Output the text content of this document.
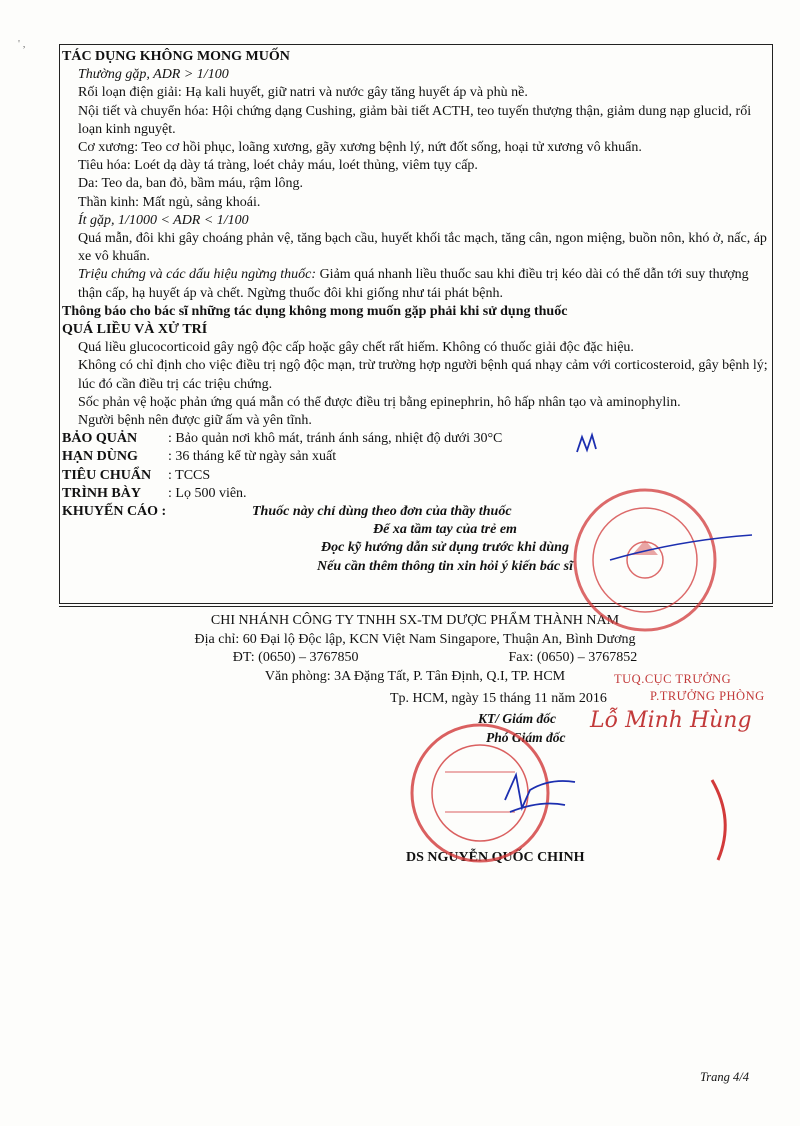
' ,

TÁC DỤNG KHÔNG MONG MUỐN

Thường gặp, ADR > 1/100

Rối loạn điện giải: Hạ kali huyết, giữ natri và nước gây tăng huyết áp và phù nề.

Nội tiết và chuyển hóa: Hội chứng dạng Cushing, giảm bài tiết ACTH, teo tuyến thượng thận, giảm dung nạp glucid, rối loạn kinh nguyệt.

Cơ xương: Teo cơ hồi phục, loãng xương, gãy xương bệnh lý, nứt đốt sống, hoại tử xương vô khuẩn.

Tiêu hóa: Loét dạ dày tá tràng, loét chảy máu, loét thủng, viêm tụy cấp.

Da: Teo da, ban đỏ, bầm máu, rậm lông.

Thần kinh: Mất ngủ, sảng khoái.

Ít gặp, 1/1000 < ADR < 1/100

Quá mẫn, đôi khi gây choáng phản vệ, tăng bạch cầu, huyết khối tắc mạch, tăng cân, ngon miệng, buồn nôn, khó ở, nấc, áp xe vô khuẩn.

Triệu chứng và các dấu hiệu ngừng thuốc: Giảm quá nhanh liều thuốc sau khi điều trị kéo dài có thể dẫn tới suy thượng thận cấp, hạ huyết áp và chết. Ngừng thuốc đôi khi giống như tái phát bệnh.

Thông báo cho bác sĩ những tác dụng không mong muốn gặp phải khi sử dụng thuốc

QUÁ LIỀU VÀ XỬ TRÍ

Quá liều glucocorticoid gây ngộ độc cấp hoặc gây chết rất hiếm. Không có thuốc giải độc đặc hiệu.

Không có chỉ định cho việc điều trị ngộ độc mạn, trừ trường hợp người bệnh quá nhạy cảm với corticosteroid, gây bệnh lý; lúc đó cần điều trị các triệu chứng.

Sốc phản vệ hoặc phản ứng quá mẫn có thể được điều trị bằng epinephrin, hô hấp nhân tạo và aminophylin.

Người bệnh nên được giữ ấm và yên tĩnh.

BẢO QUẢN	: Bảo quản nơi khô mát, tránh ánh sáng, nhiệt độ dưới 30°C
HẠN DÙNG	: 36 tháng kể từ ngày sản xuất
TIÊU CHUẨN	: TCCS
TRÌNH BÀY	: Lọ 500 viên.
KHUYẾN CÁO :	Thuốc này chỉ dùng theo đơn của thầy thuốc
Để xa tầm tay của trẻ em
Đọc kỹ hướng dẫn sử dụng trước khi dùng
Nếu cần thêm thông tin xin hỏi ý kiến bác sĩ
CHI NHÁNH CÔNG TY TNHH SX-TM DƯỢC PHẨM THÀNH NAM
Địa chỉ: 60 Đại lộ Độc lập, KCN Việt Nam Singapore, Thuận An, Bình Dương
ĐT: (0650) – 3767850	Fax: (0650) – 3767852
Văn phòng: 3A Đặng Tất, P. Tân Định, Q.I, TP. HCM
Tp. HCM, ngày 15 tháng 11 năm 2016
KT/ Giám đốc
Phó Giám đốc
DS NGUYỄN QUỐC CHINH
TUQ.CỤC TRƯỞNG
P.TRƯỞNG PHÒNG
Lỗ Minh Hùng
Trang 4/4
